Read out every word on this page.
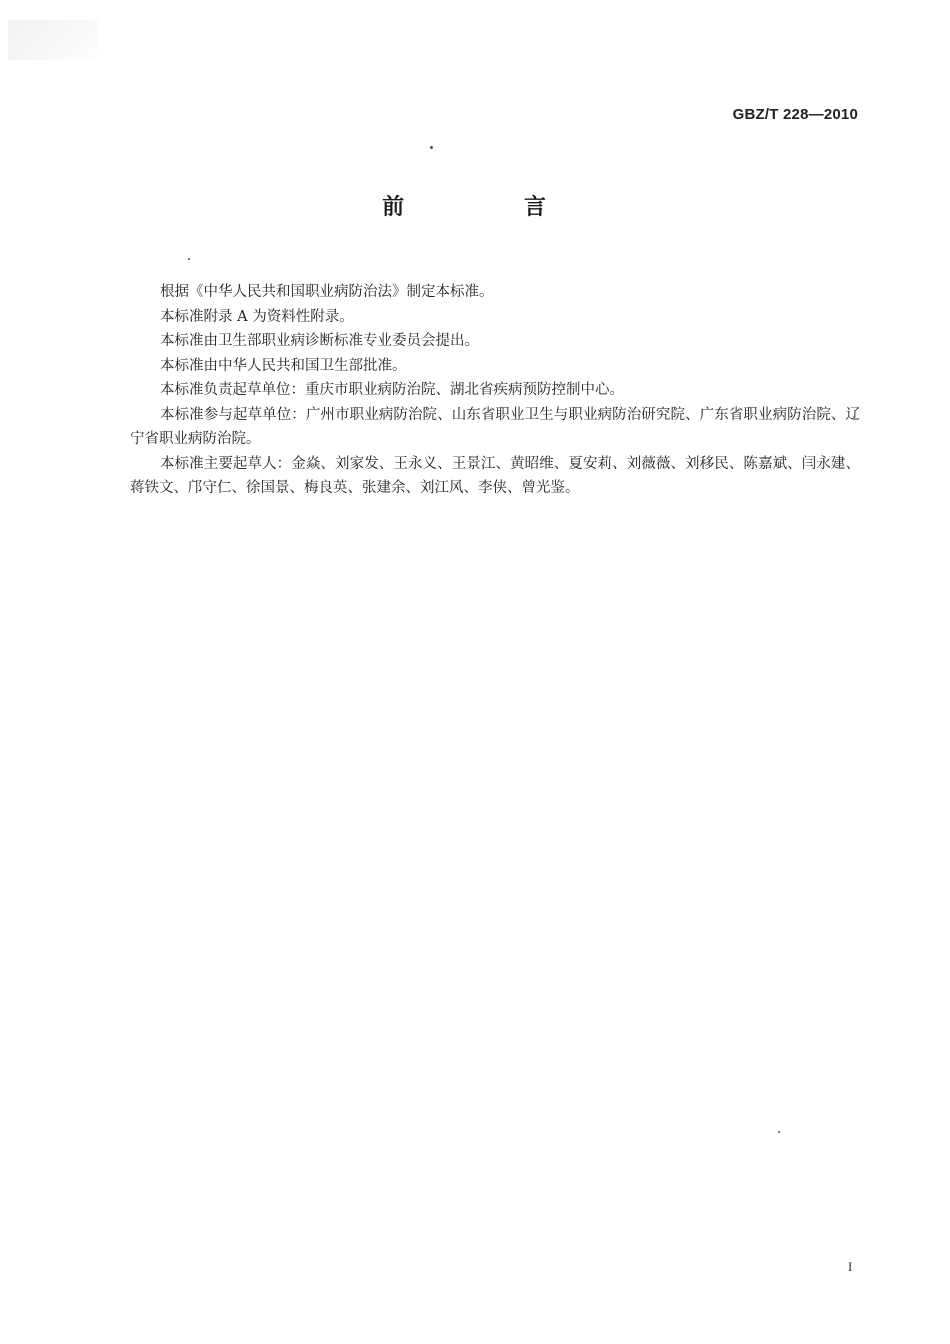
GBZ/T 228—2010
前 言

根据《中华人民共和国职业病防治法》制定本标准。

本标准附录 A 为资料性附录。

本标准由卫生部职业病诊断标准专业委员会提出。

本标准由中华人民共和国卫生部批准。

本标准负责起草单位：重庆市职业病防治院、湖北省疾病预防控制中心。

本标准参与起草单位：广州市职业病防治院、山东省职业卫生与职业病防治研究院、广东省职业病防治院、辽宁省职业病防治院。

本标准主要起草人：金焱、刘家发、王永义、王景江、黄昭维、夏安莉、刘薇薇、刘移民、陈嘉斌、闫永建、蒋铁文、邝守仁、徐国景、梅良英、张建余、刘江风、李侠、曾光鉴。

I
